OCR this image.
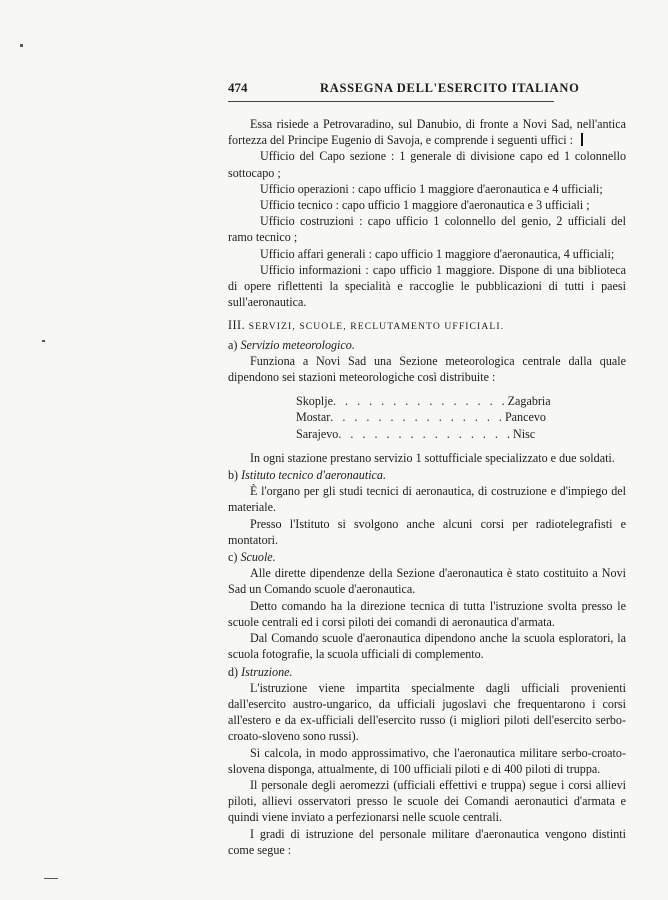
474	RASSEGNA DELL'ESERCITO ITALIANO

Essa risiede a Petrovaradino, sul Danubio, di fronte a Novi Sad, nell'antica fortezza del Principe Eugenio di Savoja, e comprende i seguenti uffici :

Ufficio del Capo sezione : 1 generale di divisione capo ed 1 colonnello sottocapo ;

Ufficio operazioni : capo ufficio 1 maggiore d'aeronautica e 4 ufficiali;

Ufficio tecnico : capo ufficio 1 maggiore d'aeronautica e 3 ufficiali ;

Ufficio costruzioni : capo ufficio 1 colonnello del genio, 2 ufficiali del ramo tecnico ;

Ufficio affari generali : capo ufficio 1 maggiore d'aeronautica, 4 ufficiali;

Ufficio informazioni : capo ufficio 1 maggiore. Dispone di una biblioteca di opere riflettenti la specialità e raccoglie le pubblicazioni di tutti i paesi sull'aeronautica.

III. SERVIZI, SCUOLE, RECLUTAMENTO UFFICIALI.

a) Servizio meteorologico.

Funziona a Novi Sad una Sezione meteorologica centrale dalla quale dipendono sei stazioni meteorologiche così distribuite :

Skoplje . . . . . . . . . . . . . . . Zagabria
Mostar . . . . . . . . . . . . . . . Pancevo
Sarajevo . . . . . . . . . . . . . . . Nisc

In ogni stazione prestano servizio 1 sottufficiale specializzato e due soldati.

b) Istituto tecnico d'aeronautica.

È l'organo per gli studi tecnici di aeronautica, di costruzione e d'impiego del materiale.

Presso l'Istituto si svolgono anche alcuni corsi per radiotelegrafisti e montatori.

c) Scuole.

Alle dirette dipendenze della Sezione d'aeronautica è stato costituito a Novi Sad un Comando scuole d'aeronautica.

Detto comando ha la direzione tecnica di tutta l'istruzione svolta presso le scuole centrali ed i corsi piloti dei comandi di aeronautica d'armata.

Dal Comando scuole d'aeronautica dipendono anche la scuola esploratori, la scuola fotografie, la scuola ufficiali di complemento.

d) Istruzione.

L'istruzione viene impartita specialmente dagli ufficiali provenienti dall'esercito austro-ungarico, da ufficiali jugoslavi che frequentarono i corsi all'estero e da ex-ufficiali dell'esercito russo (i migliori piloti dell'esercito serbo-croato-sloveno sono russi).

Si calcola, in modo approssimativo, che l'aeronautica militare serbo-croato-slovena disponga, attualmente, di 100 ufficiali piloti e di 400 piloti di truppa.

Il personale degli aeromezzi (ufficiali effettivi e truppa) segue i corsi allievi piloti, allievi osservatori presso le scuole dei Comandi aeronautici d'armata e quindi viene inviato a perfezionarsi nelle scuole centrali.

I gradi di istruzione del personale militare d'aeronautica vengono distinti come segue :
